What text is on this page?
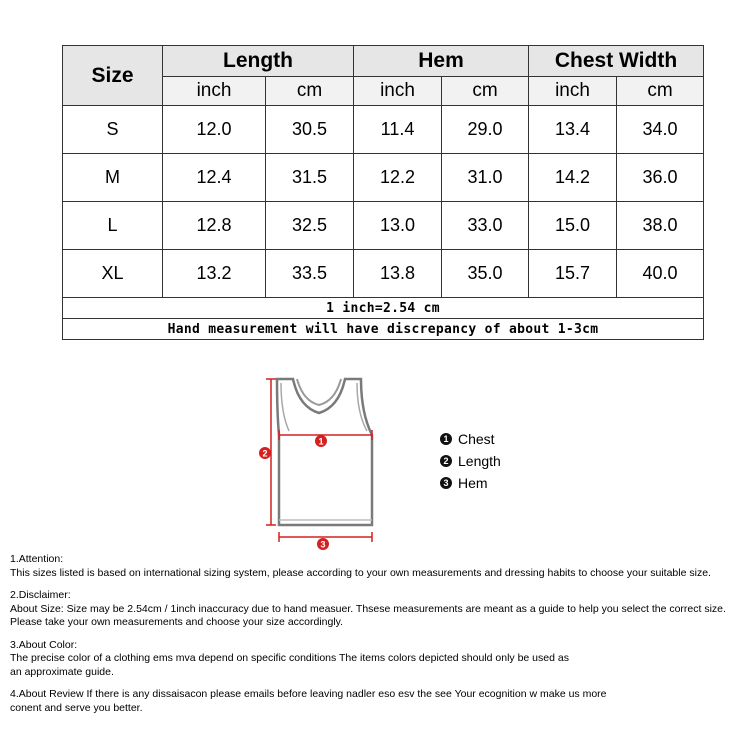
Size	Length		Hem		Chest Width	
	inch	cm	inch	cm	inch	cm
S	12.0	30.5	11.4	29.0	13.4	34.0
M	12.4	31.5	12.2	31.0	14.2	36.0
L	12.8	32.5	13.0	33.0	15.0	38.0
XL	13.2	33.5	13.8	35.0	15.7	40.0
1 inch=2.54 cm						
Hand measurement will have discrepancy of about 1-3cm						
2
1
3
1 Chest
2 Length
3 Hem

1.Attention:

This sizes listed is based on international sizing system, please according to your own measurements and dressing habits to choose your suitable size.

2.Disclaimer:

About Size: Size may be 2.54cm / 1inch inaccuracy due to hand measuer. Thsese measurements are meant as a guide to help you select the correct size.

Please take your own measurements and choose your size accordingly.

3.About Color:

The precise color of a clothing ems mva depend on specific conditions The items colors depicted should only be used as

an approximate guide.

4.About Review If there is any dissaisacon please emails before leaving nadler eso esv the see Your ecognition w make us more

conent and serve you better.
